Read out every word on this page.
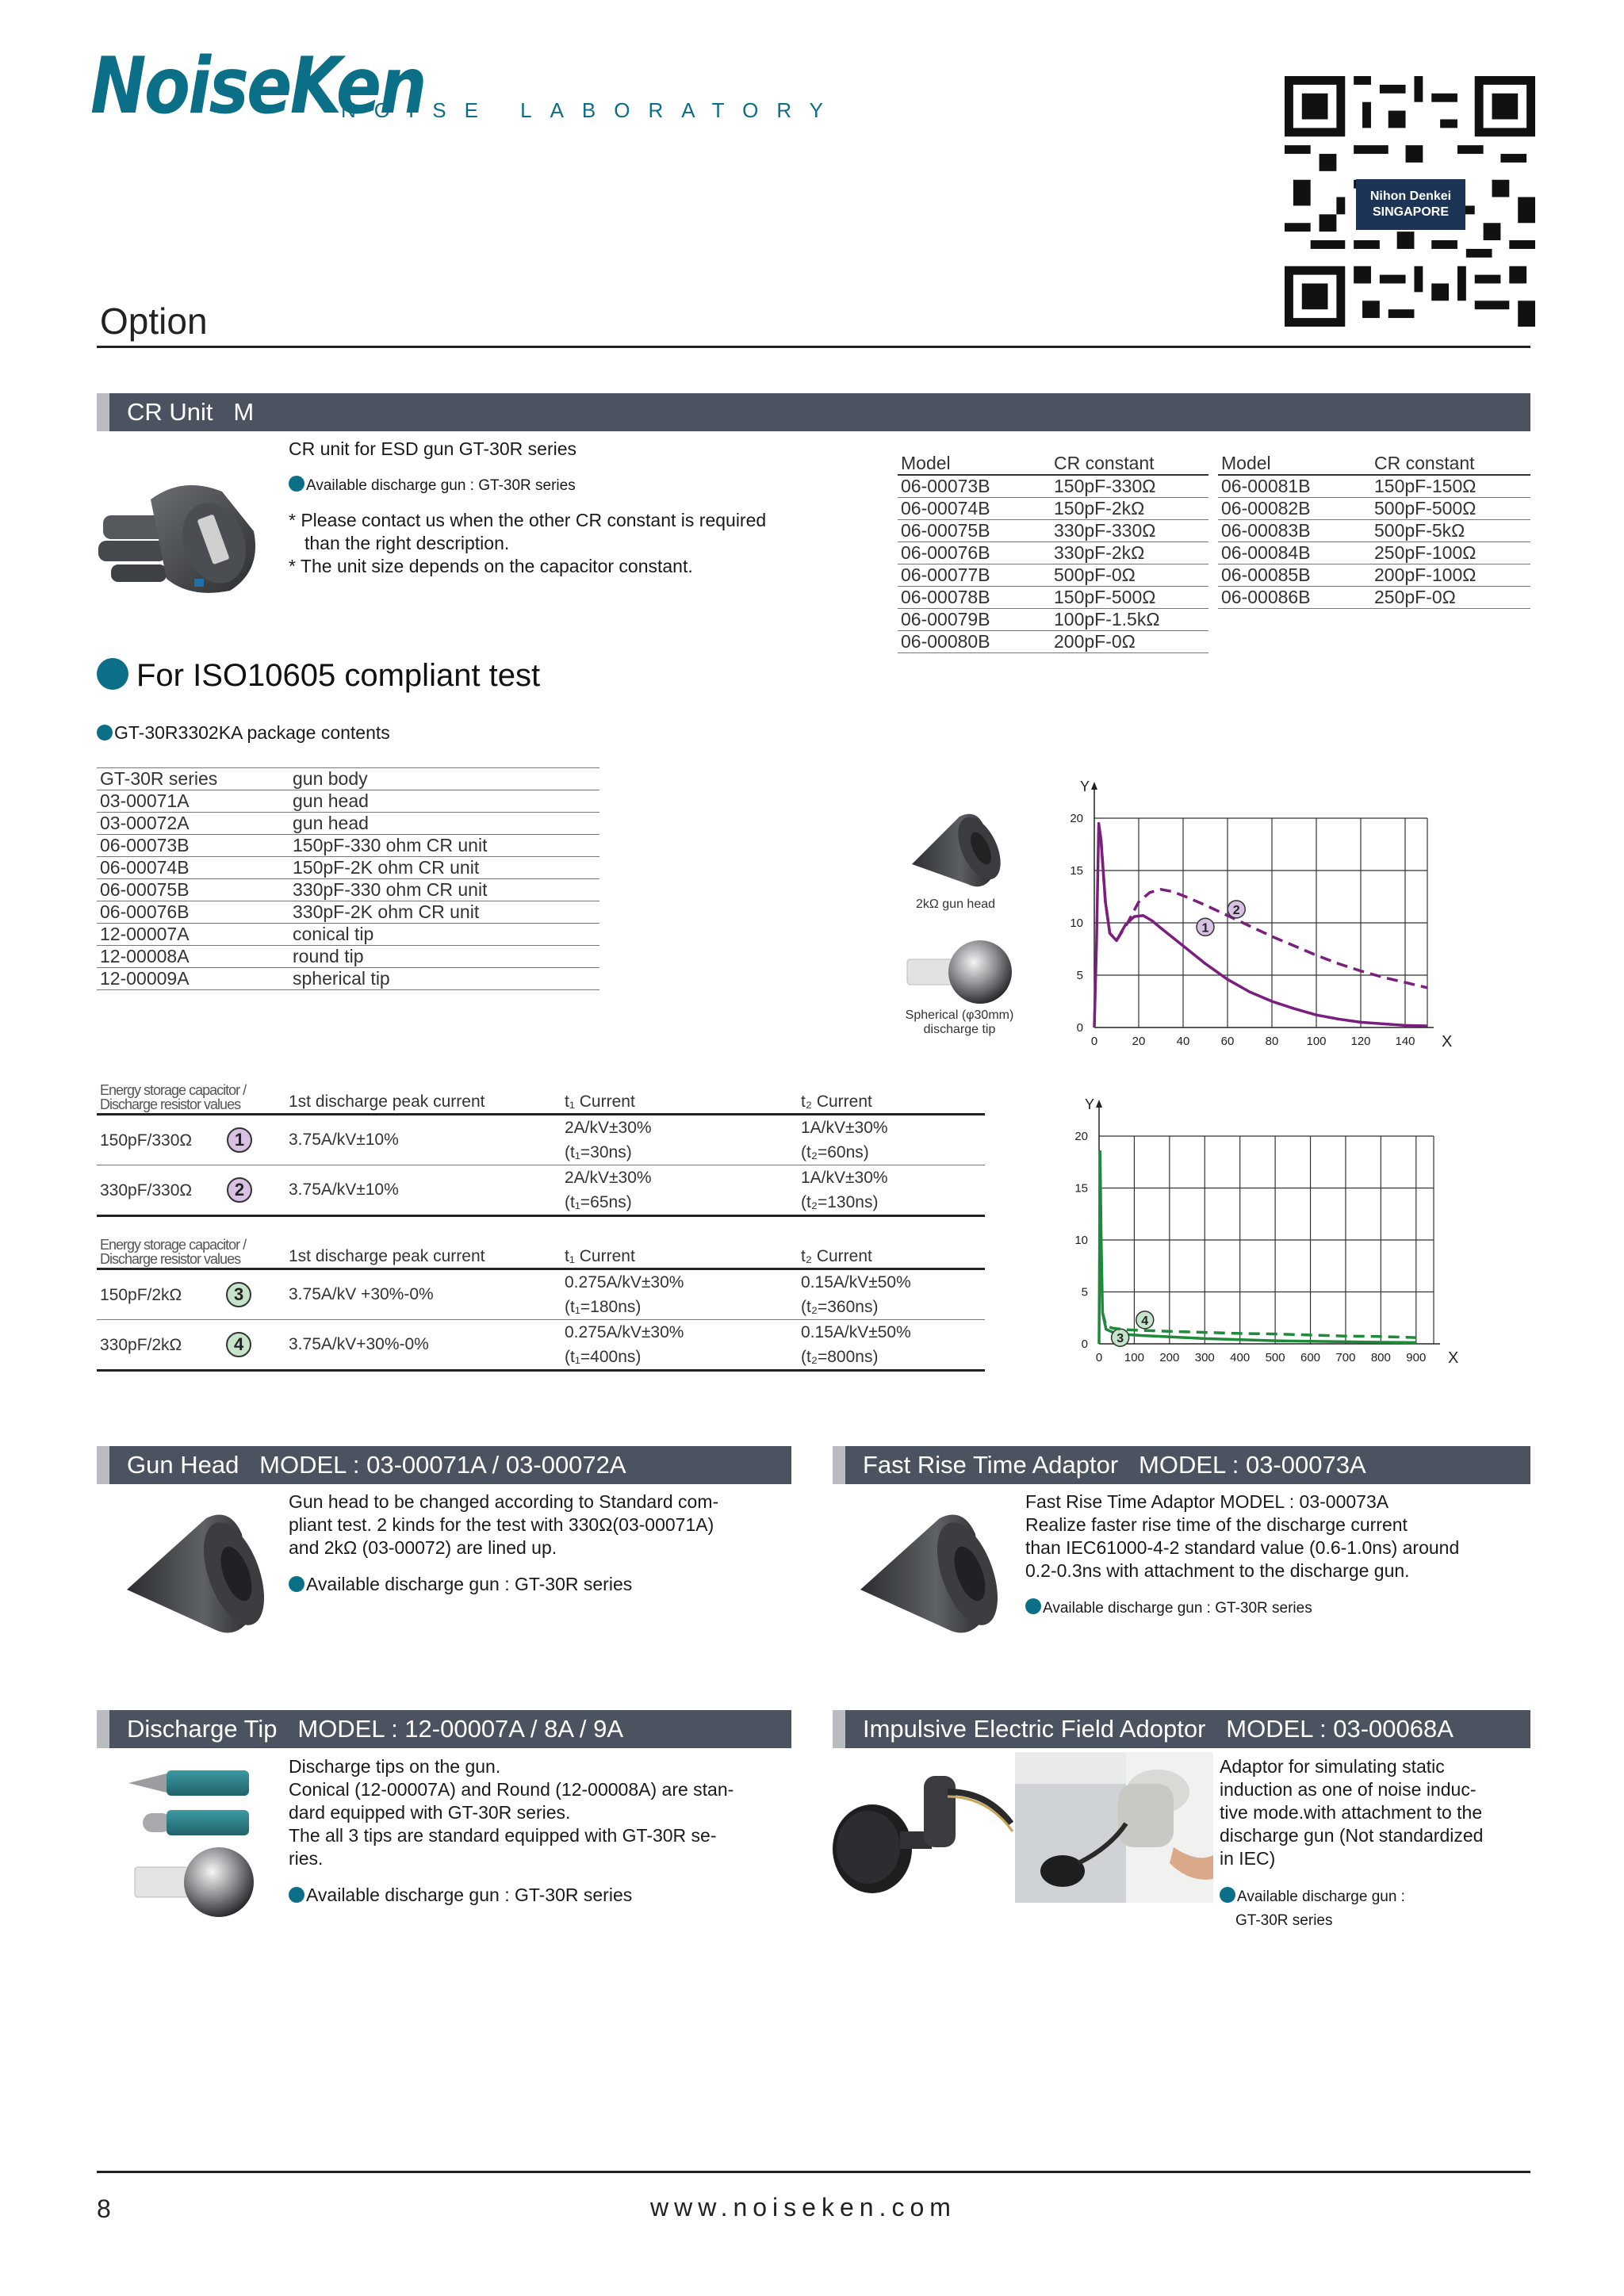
NoiseKen
NOISE LABORATORY
Nihon Denkei
SINGAPORE
Option
CR Unit   M
CR unit for ESD gun GT-30R series
Available discharge gun : GT-30R series
* Please contact us when the other CR constant is required
than the right description.
* The unit size depends on the capacitor constant.
Model	CR constant
06-00073B	150pF-330Ω
06-00074B	150pF-2kΩ
06-00075B	330pF-330Ω
06-00076B	330pF-2kΩ
06-00077B	500pF-0Ω
06-00078B	150pF-500Ω
06-00079B	100pF-1.5kΩ
06-00080B	200pF-0Ω
Model	CR constant
06-00081B	150pF-150Ω
06-00082B	500pF-500Ω
06-00083B	500pF-5kΩ
06-00084B	250pF-100Ω
06-00085B	200pF-100Ω
06-00086B	250pF-0Ω
For ISO10605 compliant test
GT-30R3302KA package contents
GT-30R series	gun body
03-00071A	gun head
03-00072A	gun head
06-00073B	150pF-330 ohm CR unit
06-00074B	150pF-2K ohm CR unit
06-00075B	330pF-330 ohm CR unit
06-00076B	330pF-2K ohm CR unit
12-00007A	conical tip
12-00008A	round tip
12-00009A	spherical tip
2kΩ gun head
Spherical (φ30mm)
discharge tip
0	20	40	60	80 100 120 140
0
5
10
15
20
X
Y
1
2
Energy storage capacitor /
Discharge resistor values	1st discharge peak current	t₁ Current	t₂ Current
150pF/330Ω 1	3.75A/kV±10%	2A/kV±30%	1A/kV±30%
		(t₁=30ns)	(t₂=60ns)
330pF/330Ω 2	3.75A/kV±10%	2A/kV±30%	1A/kV±30%
		(t₁=65ns)	(t₂=130ns)
0 100 200 300 400 500 600 700 800 900
0
5
10
15
20
X
Y
3
4
Energy storage capacitor /
Discharge resistor values	1st discharge peak current	t₁ Current	t₂ Current
150pF/2kΩ 3	3.75A/kV +30%-0%	0.275A/kV±30%	0.15A/kV±50%
		(t₁=180ns)	(t₂=360ns)
330pF/2kΩ 4	3.75A/kV+30%-0%	0.275A/kV±30%	0.15A/kV±50%
		(t₁=400ns)	(t₂=800ns)
Gun Head   MODEL : 03-00071A / 03-00072A
Gun head to be changed according to Standard com-
pliant test. 2 kinds for the test with 330Ω(03-00071A)
and 2kΩ (03-00072) are lined up.
Available discharge gun : GT-30R series
Fast Rise Time Adaptor   MODEL : 03-00073A
Fast Rise Time Adaptor MODEL : 03-00073A
Realize faster rise time of the discharge current
than IEC61000-4-2 standard value (0.6-1.0ns) around
0.2-0.3ns with attachment to the discharge gun.
Available discharge gun : GT-30R series
Discharge Tip   MODEL : 12-00007A / 8A / 9A
Discharge tips on the gun.
Conical (12-00007A) and Round (12-00008A) are stan-
dard equipped with GT-30R series.
The all 3 tips are standard equipped with GT-30R se-
ries.
Available discharge gun : GT-30R series
Impulsive Electric Field Adoptor   MODEL : 03-00068A
Adaptor for simulating static
induction as one of noise induc-
tive mode.with attachment to the
discharge gun (Not standardized
in IEC)
Available discharge gun :
GT-30R series
8	www.noiseken.com
